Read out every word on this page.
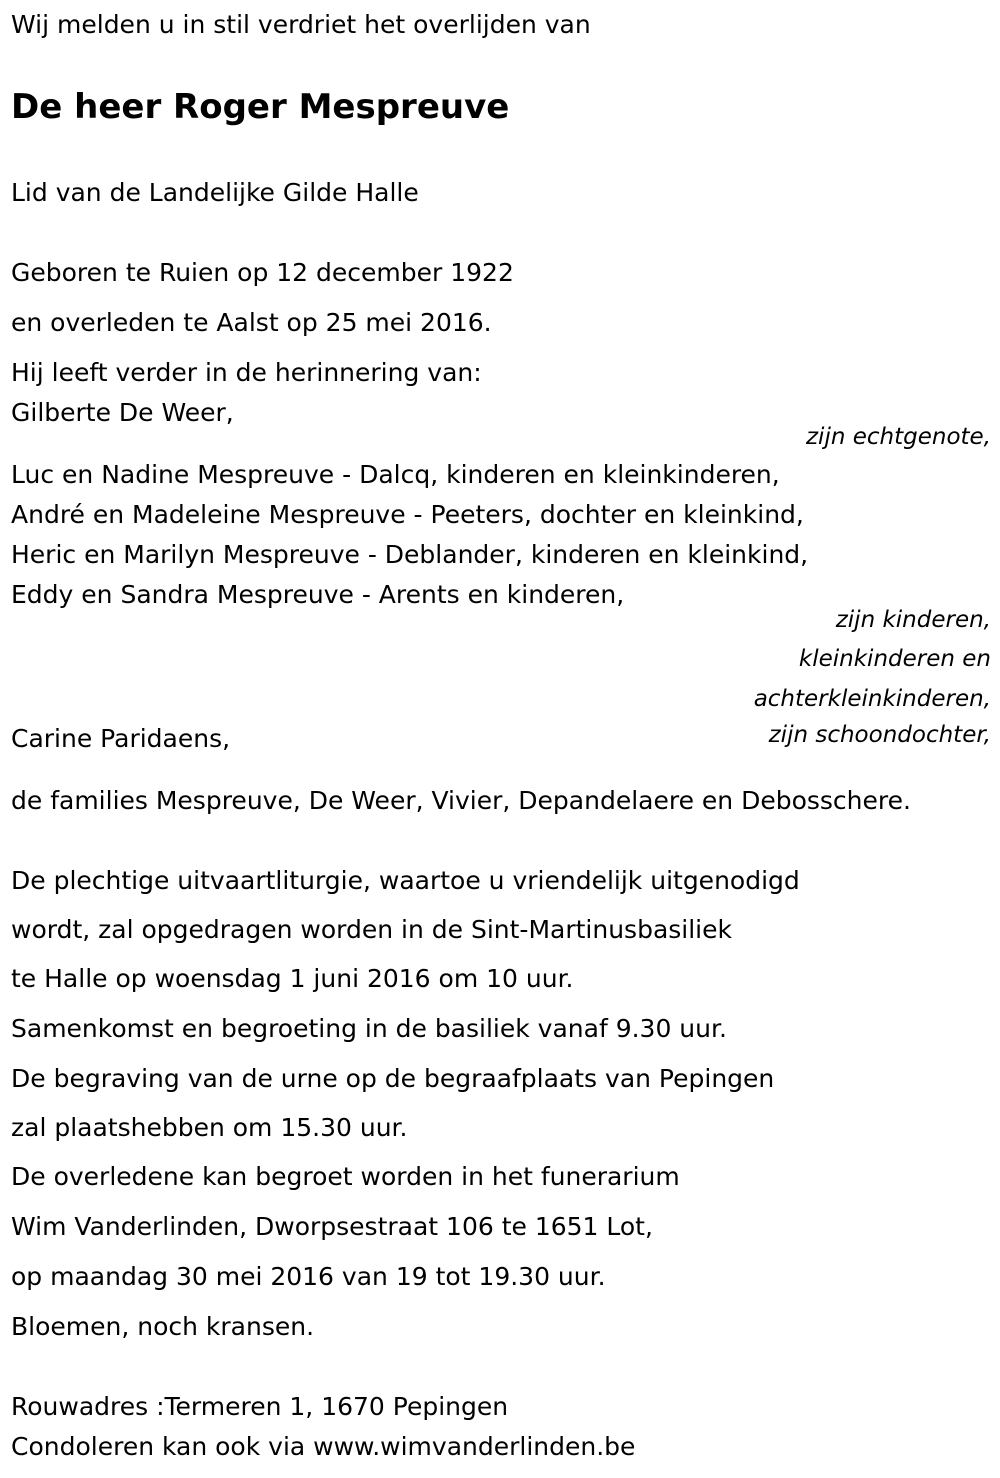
Wij melden u in stil verdriet het overlijden van

De heer Roger Mespreuve

Lid van de Landelijke Gilde Halle

Geboren te Ruien op 12 december 1922

en overleden te Aalst op 25 mei 2016.

Hij leeft verder in de herinnering van:

Gilberte De Weer,

zijn echtgenote,

Luc en Nadine Mespreuve - Dalcq, kinderen en kleinkinderen,

André en Madeleine Mespreuve - Peeters, dochter en kleinkind,

Heric en Marilyn Mespreuve - Deblander, kinderen en kleinkind,

Eddy en Sandra Mespreuve - Arents en kinderen,

zijn kinderen,

kleinkinderen en

achterkleinkinderen,

Carine Paridaens,	zijn schoondochter,

de families Mespreuve, De Weer, Vivier, Depandelaere en Debosschere.

De plechtige uitvaartliturgie, waartoe u vriendelijk uitgenodigd

wordt, zal opgedragen worden in de Sint-Martinusbasiliek

te Halle op woensdag 1 juni 2016 om 10 uur.

Samenkomst en begroeting in de basiliek vanaf 9.30 uur.

De begraving van de urne op de begraafplaats van Pepingen

zal plaatshebben om 15.30 uur.

De overledene kan begroet worden in het funerarium

Wim Vanderlinden, Dworpsestraat 106 te 1651 Lot,

op maandag 30 mei 2016 van 19 tot 19.30 uur.

Bloemen, noch kransen.

Rouwadres :Termeren 1, 1670 Pepingen

Condoleren kan ook via www.wimvanderlinden.be
